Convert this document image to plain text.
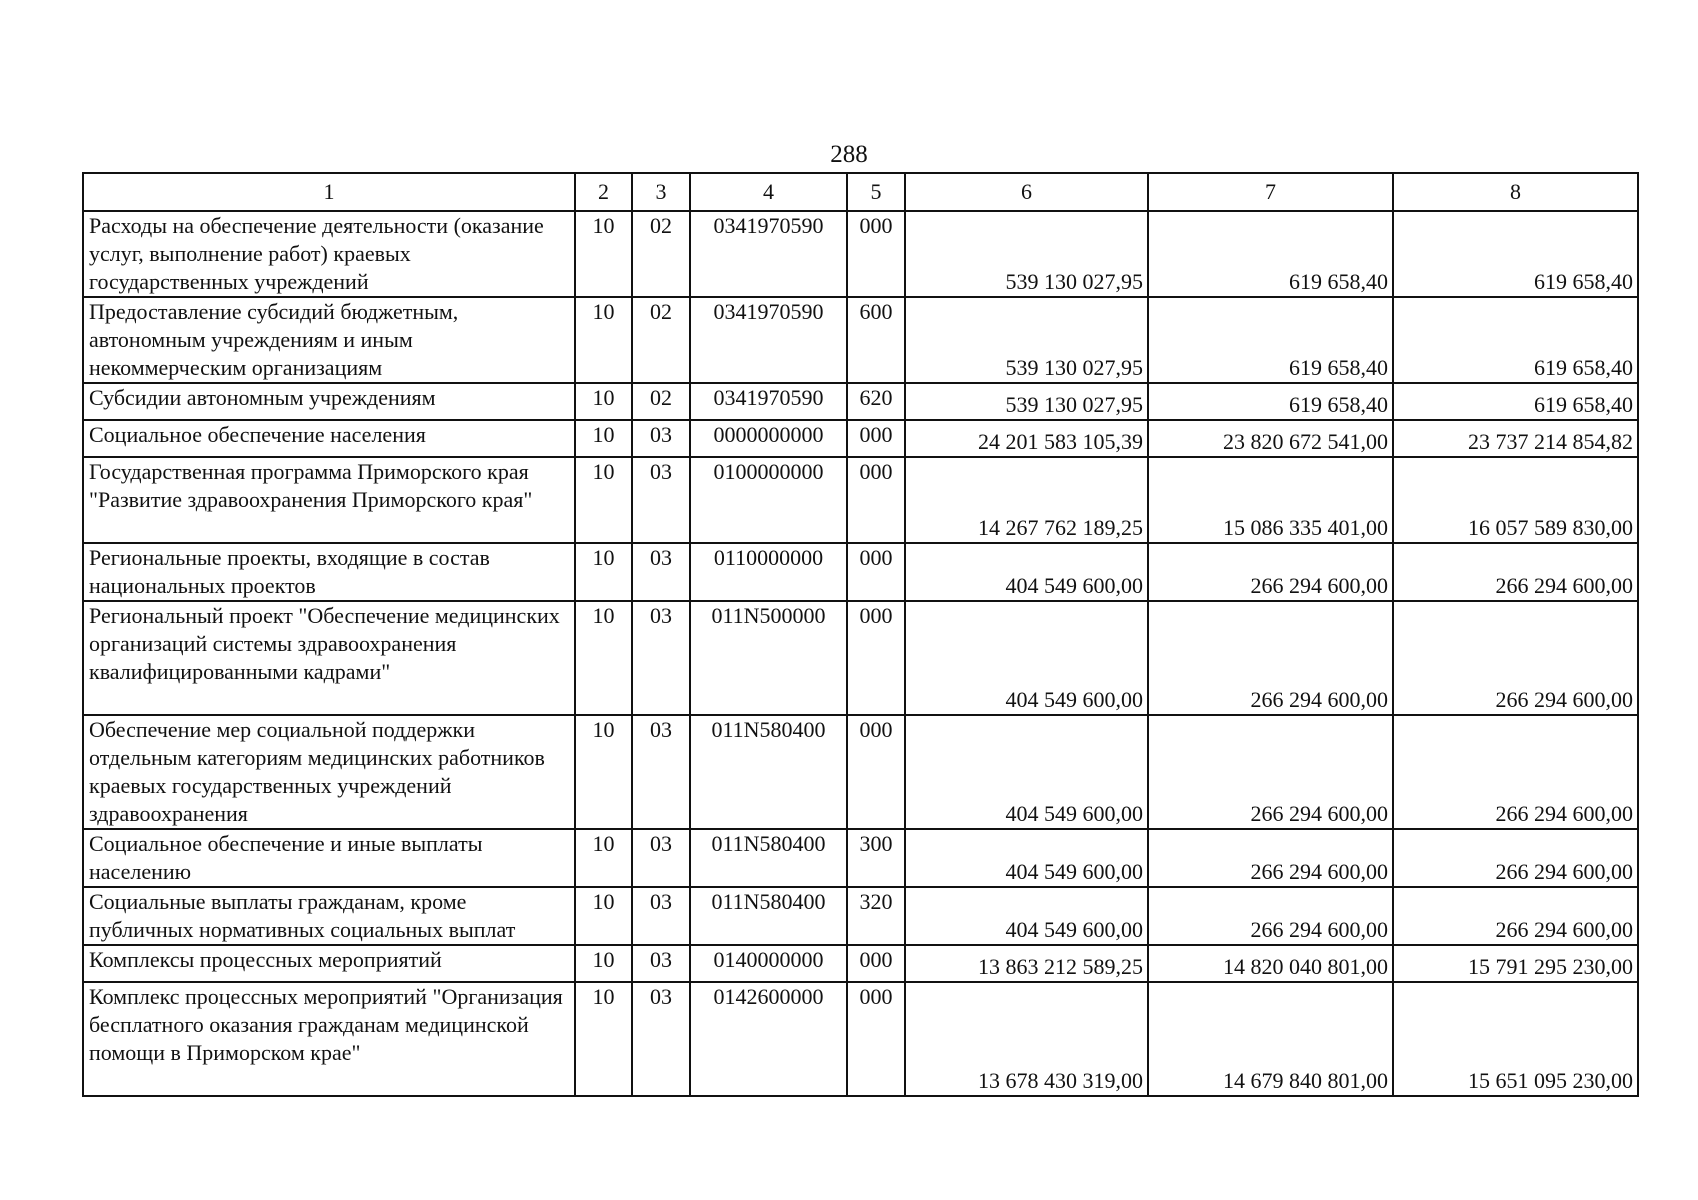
288
1	2	3	4	5	6	7	8
Расходы на обеспечение деятельности (оказание услуг, выполнение работ) краевых государственных учреждений	10	02	0341970590	000	539 130 027,95	619 658,40	619 658,40
Предоставление субсидий бюджетным, автономным учреждениям и иным некоммерческим организациям	10	02	0341970590	600	539 130 027,95	619 658,40	619 658,40
Субсидии автономным учреждениям	10	02	0341970590	620	539 130 027,95	619 658,40	619 658,40
Социальное обеспечение населения	10	03	0000000000	000	24 201 583 105,39	23 820 672 541,00	23 737 214 854,82
Государственная программа Приморского края "Развитие здравоохранения Приморского края"	10	03	0100000000	000	14 267 762 189,25	15 086 335 401,00	16 057 589 830,00
Региональные проекты, входящие в состав национальных проектов	10	03	0110000000	000	404 549 600,00	266 294 600,00	266 294 600,00
Региональный проект "Обеспечение медицинских организаций системы здравоохранения квалифицированными кадрами"	10	03	011N500000	000	404 549 600,00	266 294 600,00	266 294 600,00
Обеспечение мер социальной поддержки отдельным категориям медицинских работников краевых государственных учреждений здравоохранения	10	03	011N580400	000	404 549 600,00	266 294 600,00	266 294 600,00
Социальное обеспечение и иные выплаты населению	10	03	011N580400	300	404 549 600,00	266 294 600,00	266 294 600,00
Социальные выплаты гражданам, кроме публичных нормативных социальных выплат	10	03	011N580400	320	404 549 600,00	266 294 600,00	266 294 600,00
Комплексы процессных мероприятий	10	03	0140000000	000	13 863 212 589,25	14 820 040 801,00	15 791 295 230,00
Комплекс процессных мероприятий "Организация бесплатного оказания гражданам медицинской помощи в Приморском крае"	10	03	0142600000	000	13 678 430 319,00	14 679 840 801,00	15 651 095 230,00
